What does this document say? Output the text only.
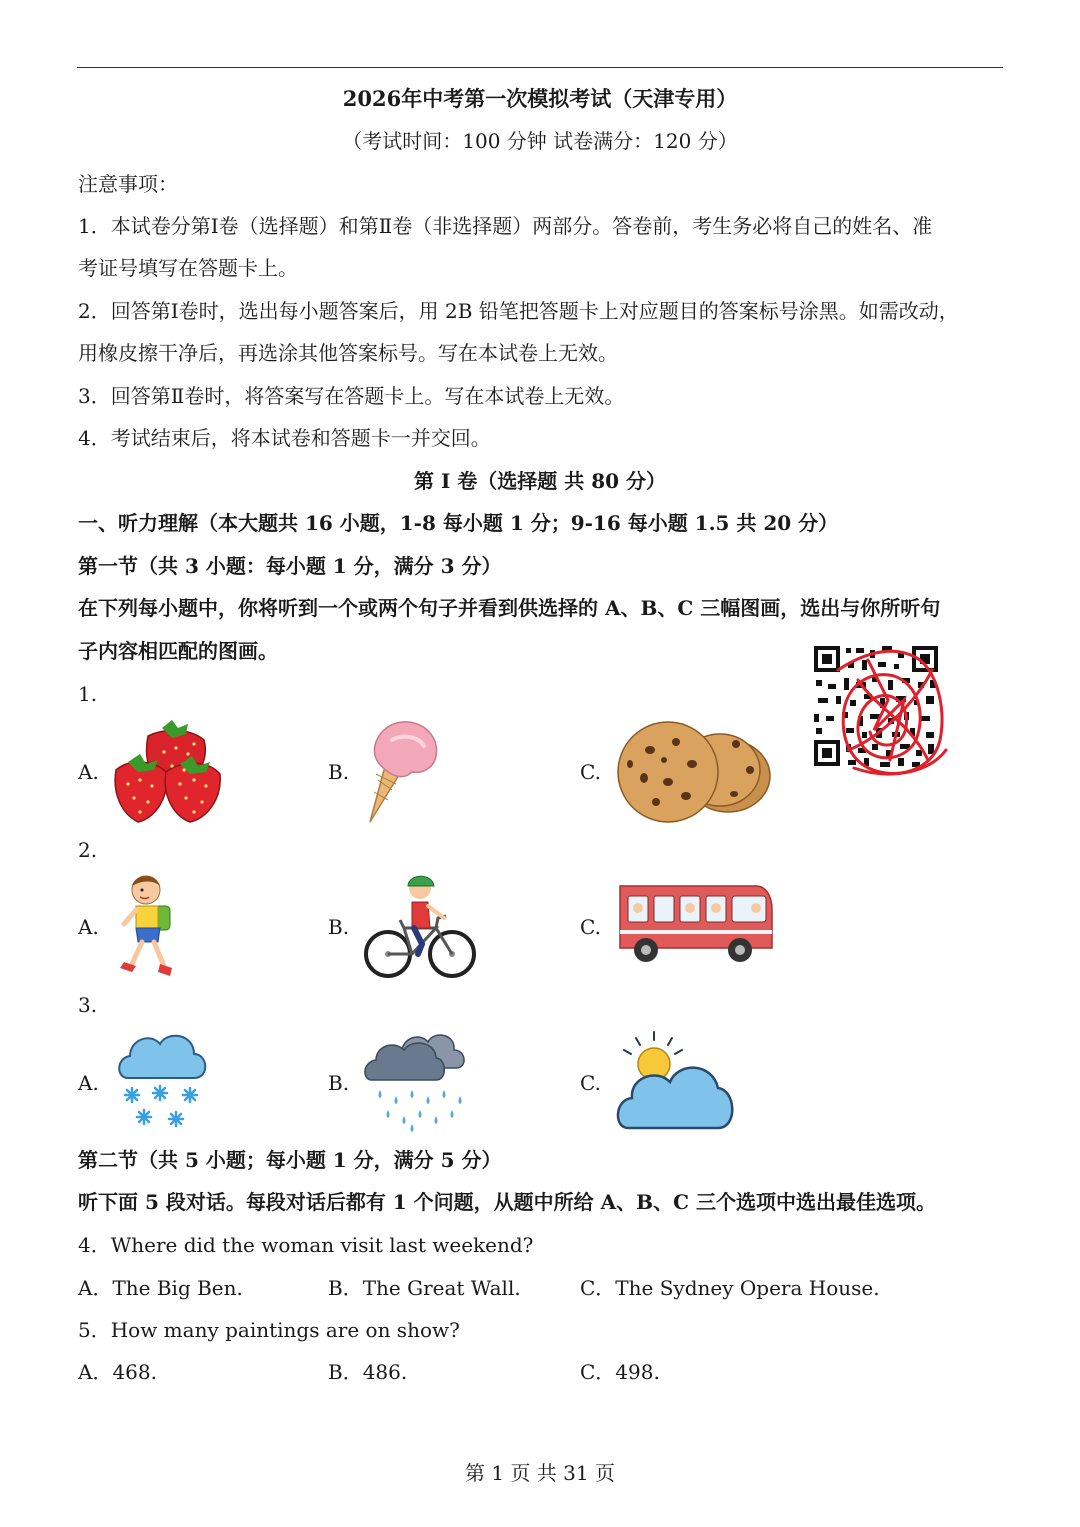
2026年中考第一次模拟考试（天津专用）
（考试时间：100 分钟 试卷满分：120 分）
注意事项：
1．本试卷分第Ⅰ卷（选择题）和第Ⅱ卷（非选择题）两部分。答卷前，考生务必将自己的姓名、准
考证号填写在答题卡上。
2．回答第Ⅰ卷时，选出每小题答案后，用 2B 铅笔把答题卡上对应题目的答案标号涂黑。如需改动，
用橡皮擦干净后，再选涂其他答案标号。写在本试卷上无效。
3．回答第Ⅱ卷时，将答案写在答题卡上。写在本试卷上无效。
4．考试结束后，将本试卷和答题卡一并交回。
第 I 卷（选择题 共 80 分）
一、听力理解（本大题共 16 小题，1-8 每小题 1 分；9-16 每小题 1.5 共 20 分）
第一节（共 3 小题：每小题 1 分，满分 3 分）
在下列每小题中，你将听到一个或两个句子并看到供选择的 A、B、C 三幅图画，选出与你所听句
子内容相匹配的图画。
1.
A.	B.	C.
2.
A.	B.	C.
3.
A.	B.	C.
第二节（共 5 小题；每小题 1 分，满分 5 分）
听下面 5 段对话。每段对话后都有 1 个问题，从题中所给 A、B、C 三个选项中选出最佳选项。
4．Where did the woman visit last weekend?
A．The Big Ben.	B．The Great Wall.	C．The Sydney Opera House.
5．How many paintings are on show?
A．468.	B．486.	C．498.
第 1 页 共 31 页
